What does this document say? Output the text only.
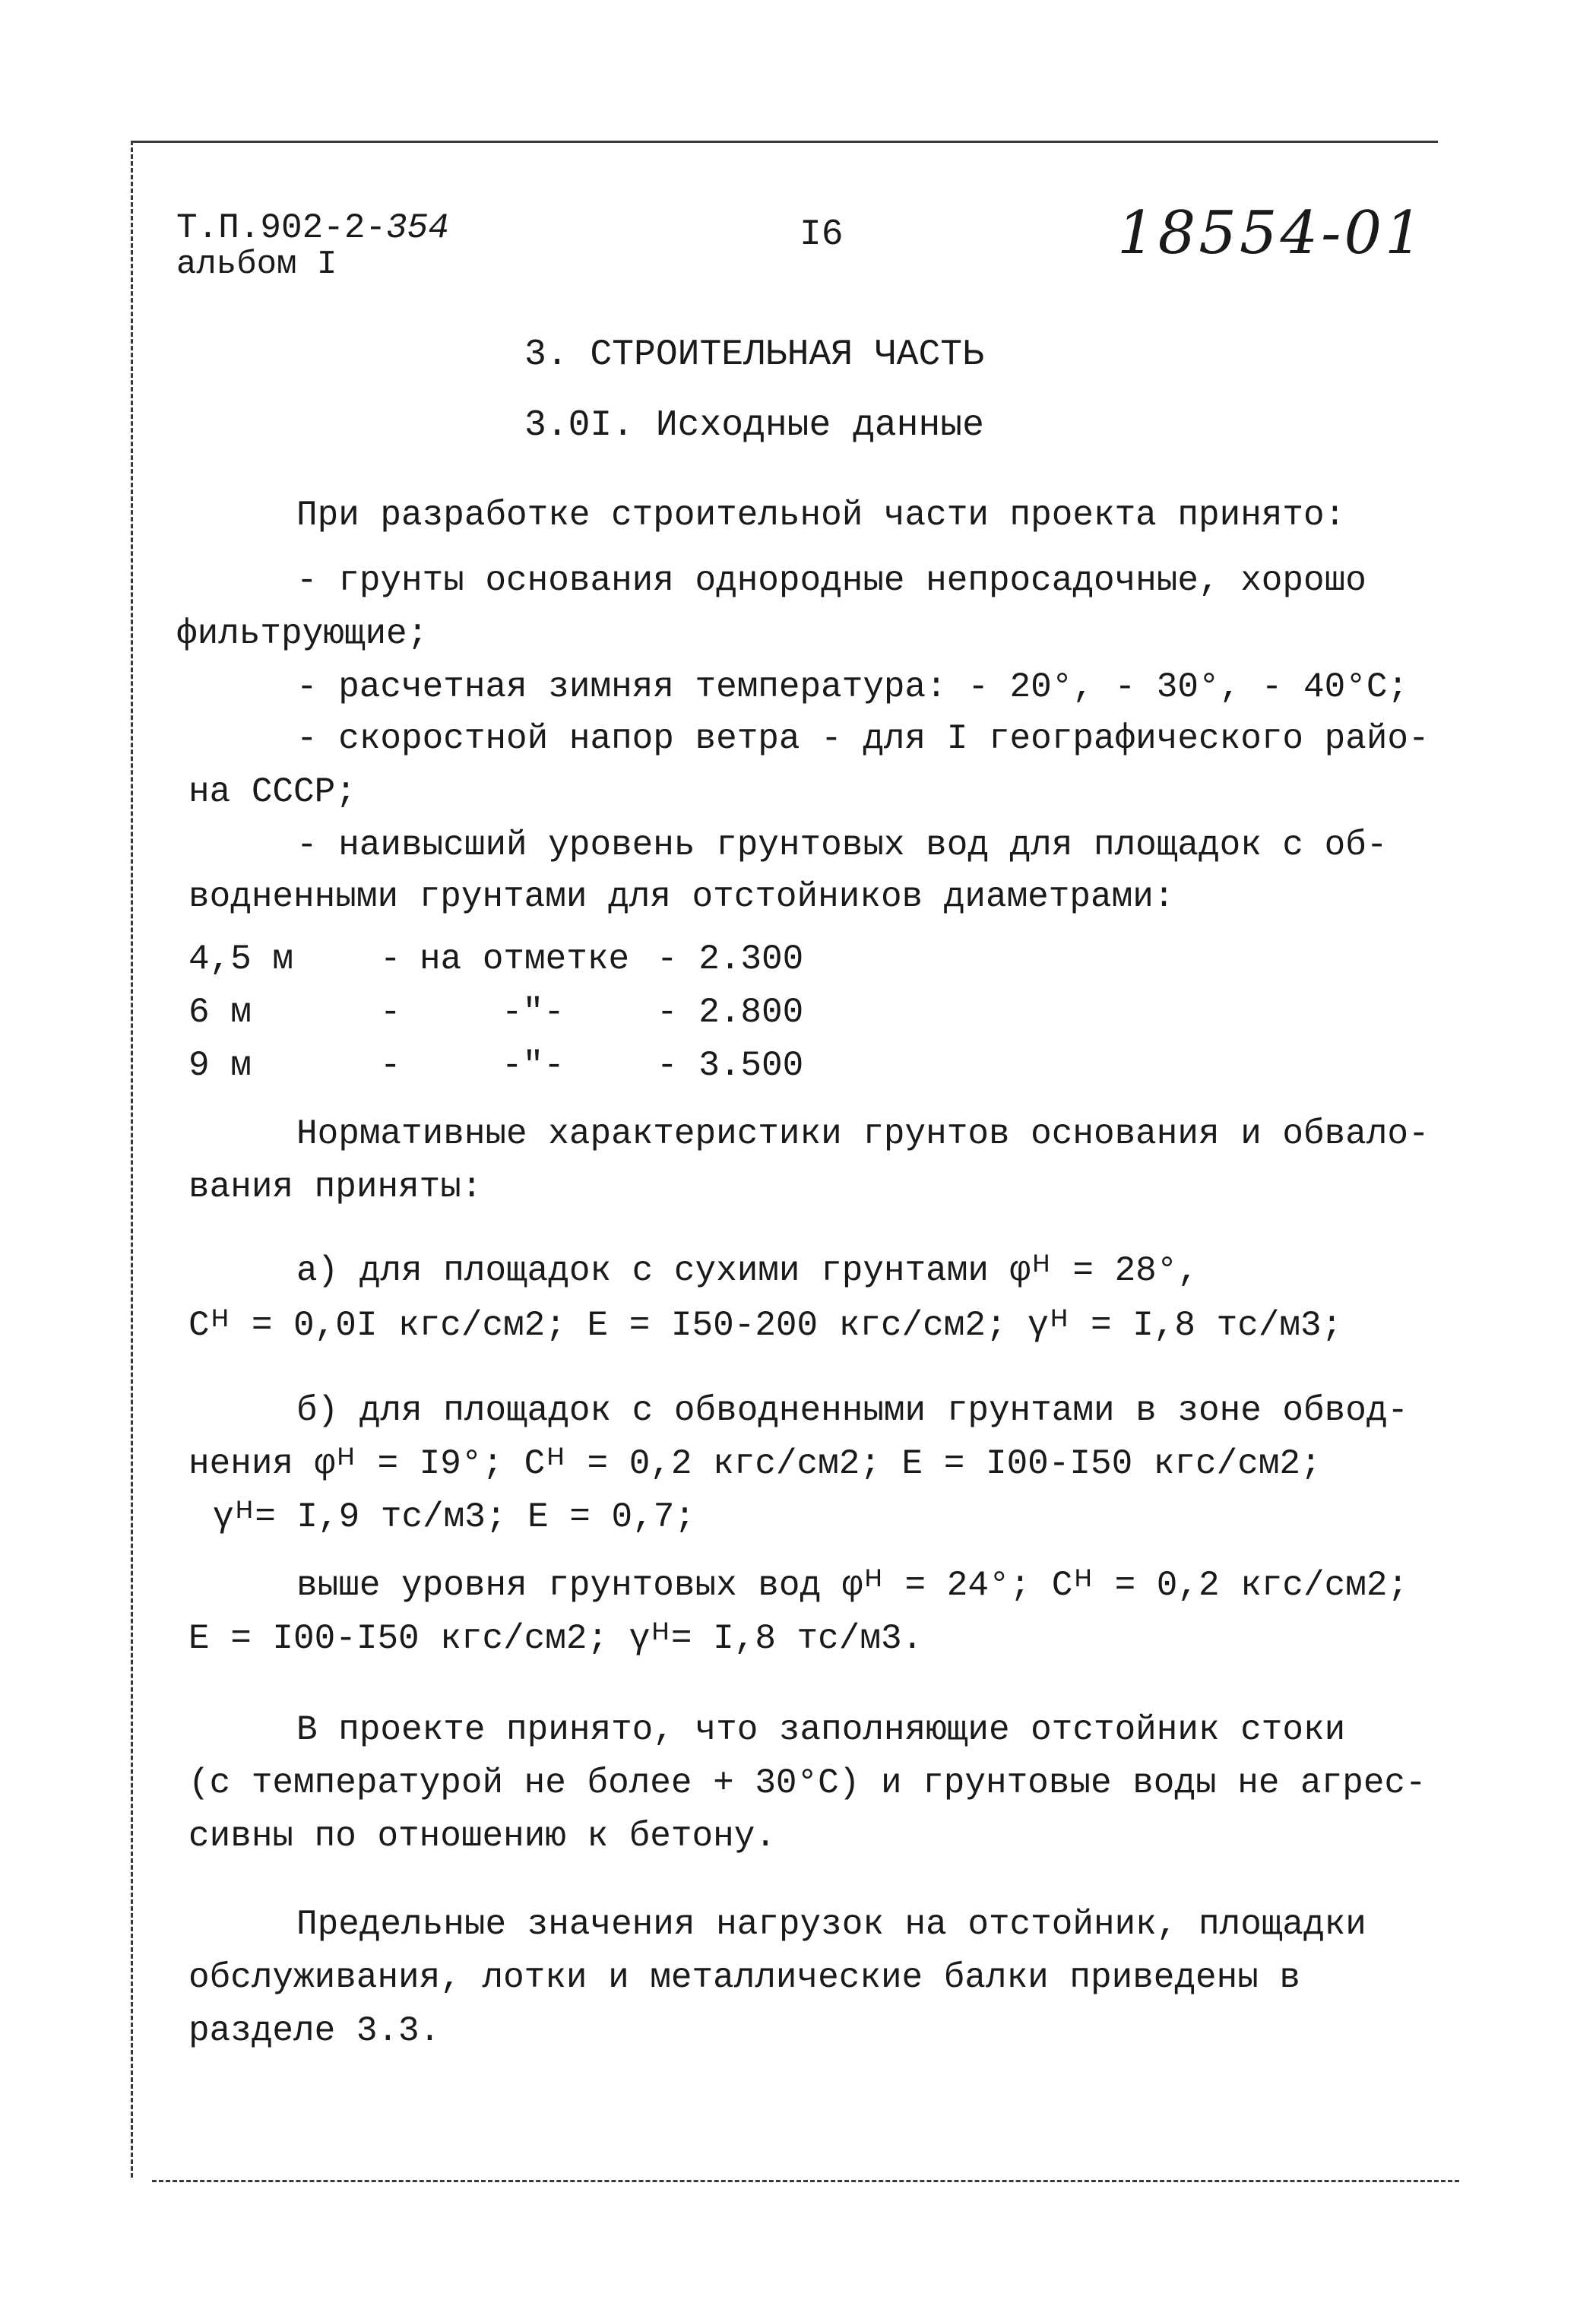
Т.П.902-2-354
альбом I
I6	18554-01
3. СТРОИТЕЛЬНАЯ ЧАСТЬ
3.0I. Исходные данные
При разработке строительной части проекта принято:
- грунты основания однородные непросадочные, хорошо
фильтрующие;
- расчетная зимняя температура: - 20°, - 30°, - 40°С;
- скоростной напор ветра - для I географического райо-
на СССР;
- наивысший уровень грунтовых вод для площадок с об-
водненными грунтами для отстойников диаметрами:
4,5 м - на отметке - 2.300
6 м	-	-"-	- 2.800
9 м	-	-"-	- 3.500
Нормативные характеристики грунтов основания и обвало-
вания приняты:
а) для площадок с сухими грунтами φᴴ = 28°,
Сᴴ = 0,0I кгс/см2; Е = I50-200 кгс/см2; γᴴ = I,8 тс/м3;
б) для площадок с обводненными грунтами в зоне обвод-
нения φᴴ = I9°; Сᴴ = 0,2 кгс/см2; Е = I00-I50 кгс/см2;
γᴴ= I,9 тс/м3; Е = 0,7;
выше уровня грунтовых вод φᴴ = 24°; Сᴴ = 0,2 кгс/см2;
Е = I00-I50 кгс/см2; γᴴ= I,8 тс/м3.
В проекте принято, что заполняющие отстойник стоки
(с температурой не более + 30°С) и грунтовые воды не агрес-
сивны по отношению к бетону.
Предельные значения нагрузок на отстойник, площадки
обслуживания, лотки и металлические балки приведены в
разделе 3.3.
